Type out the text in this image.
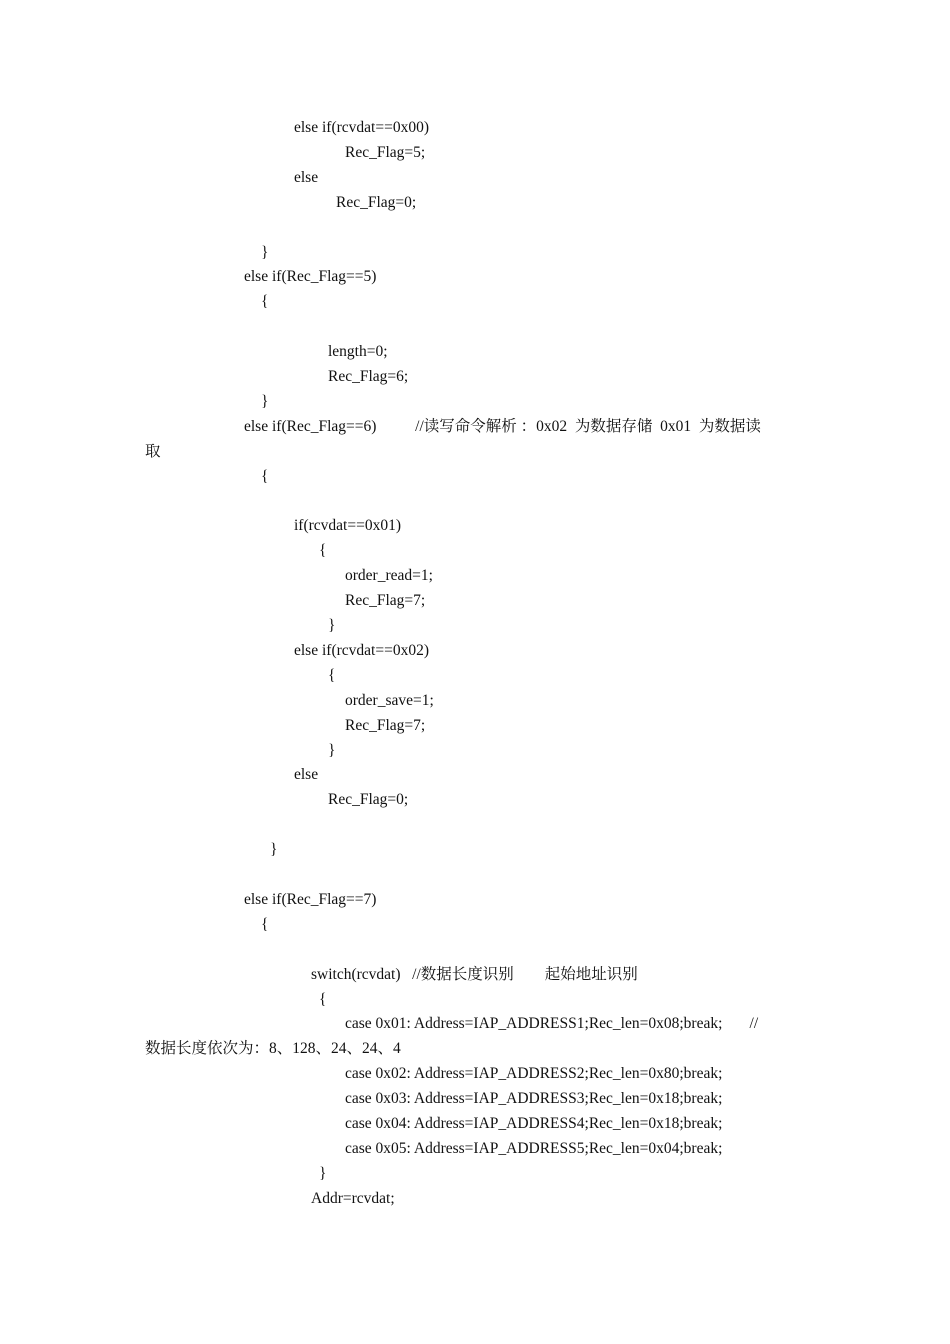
else if(rcvdat==0x00)
Rec_Flag=5;
else
Rec_Flag=0;
}
else if(Rec_Flag==5)
{
length=0;
Rec_Flag=6;
}
else if(Rec_Flag==6)          //读写命令解析 ：0x02  为数据存储  0x01  为数据读
取
{
if(rcvdat==0x01)
{
order_read=1;
Rec_Flag=7;
}
else if(rcvdat==0x02)
{
order_save=1;
Rec_Flag=7;
}
else
Rec_Flag=0;
}
else if(Rec_Flag==7)
{
switch(rcvdat)   //数据长度识别        起始地址识别
{
case 0x01: Address=IAP_ADDRESS1;Rec_len=0x08;break;       //
数据长度依次为：8、128、24、24、4
case 0x02: Address=IAP_ADDRESS2;Rec_len=0x80;break;
case 0x03: Address=IAP_ADDRESS3;Rec_len=0x18;break;
case 0x04: Address=IAP_ADDRESS4;Rec_len=0x18;break;
case 0x05: Address=IAP_ADDRESS5;Rec_len=0x04;break;
}
Addr=rcvdat;
